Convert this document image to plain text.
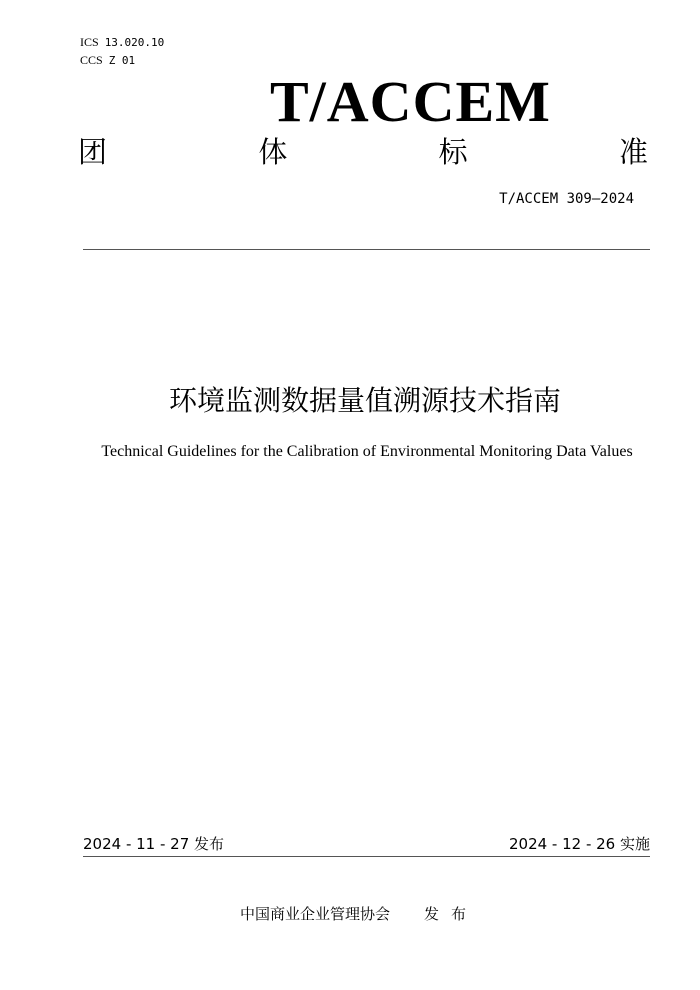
ICS 13.020.10
CCS Z 01
T/ACCEM
团	体	标	准
T/ACCEM 309—2024
环境监测数据量值溯源技术指南
Technical Guidelines for the Calibration of Environmental Monitoring Data Values
2024 - 11 - 27 发布	2024 - 12 - 26 实施
中国商业企业管理协会 发布
